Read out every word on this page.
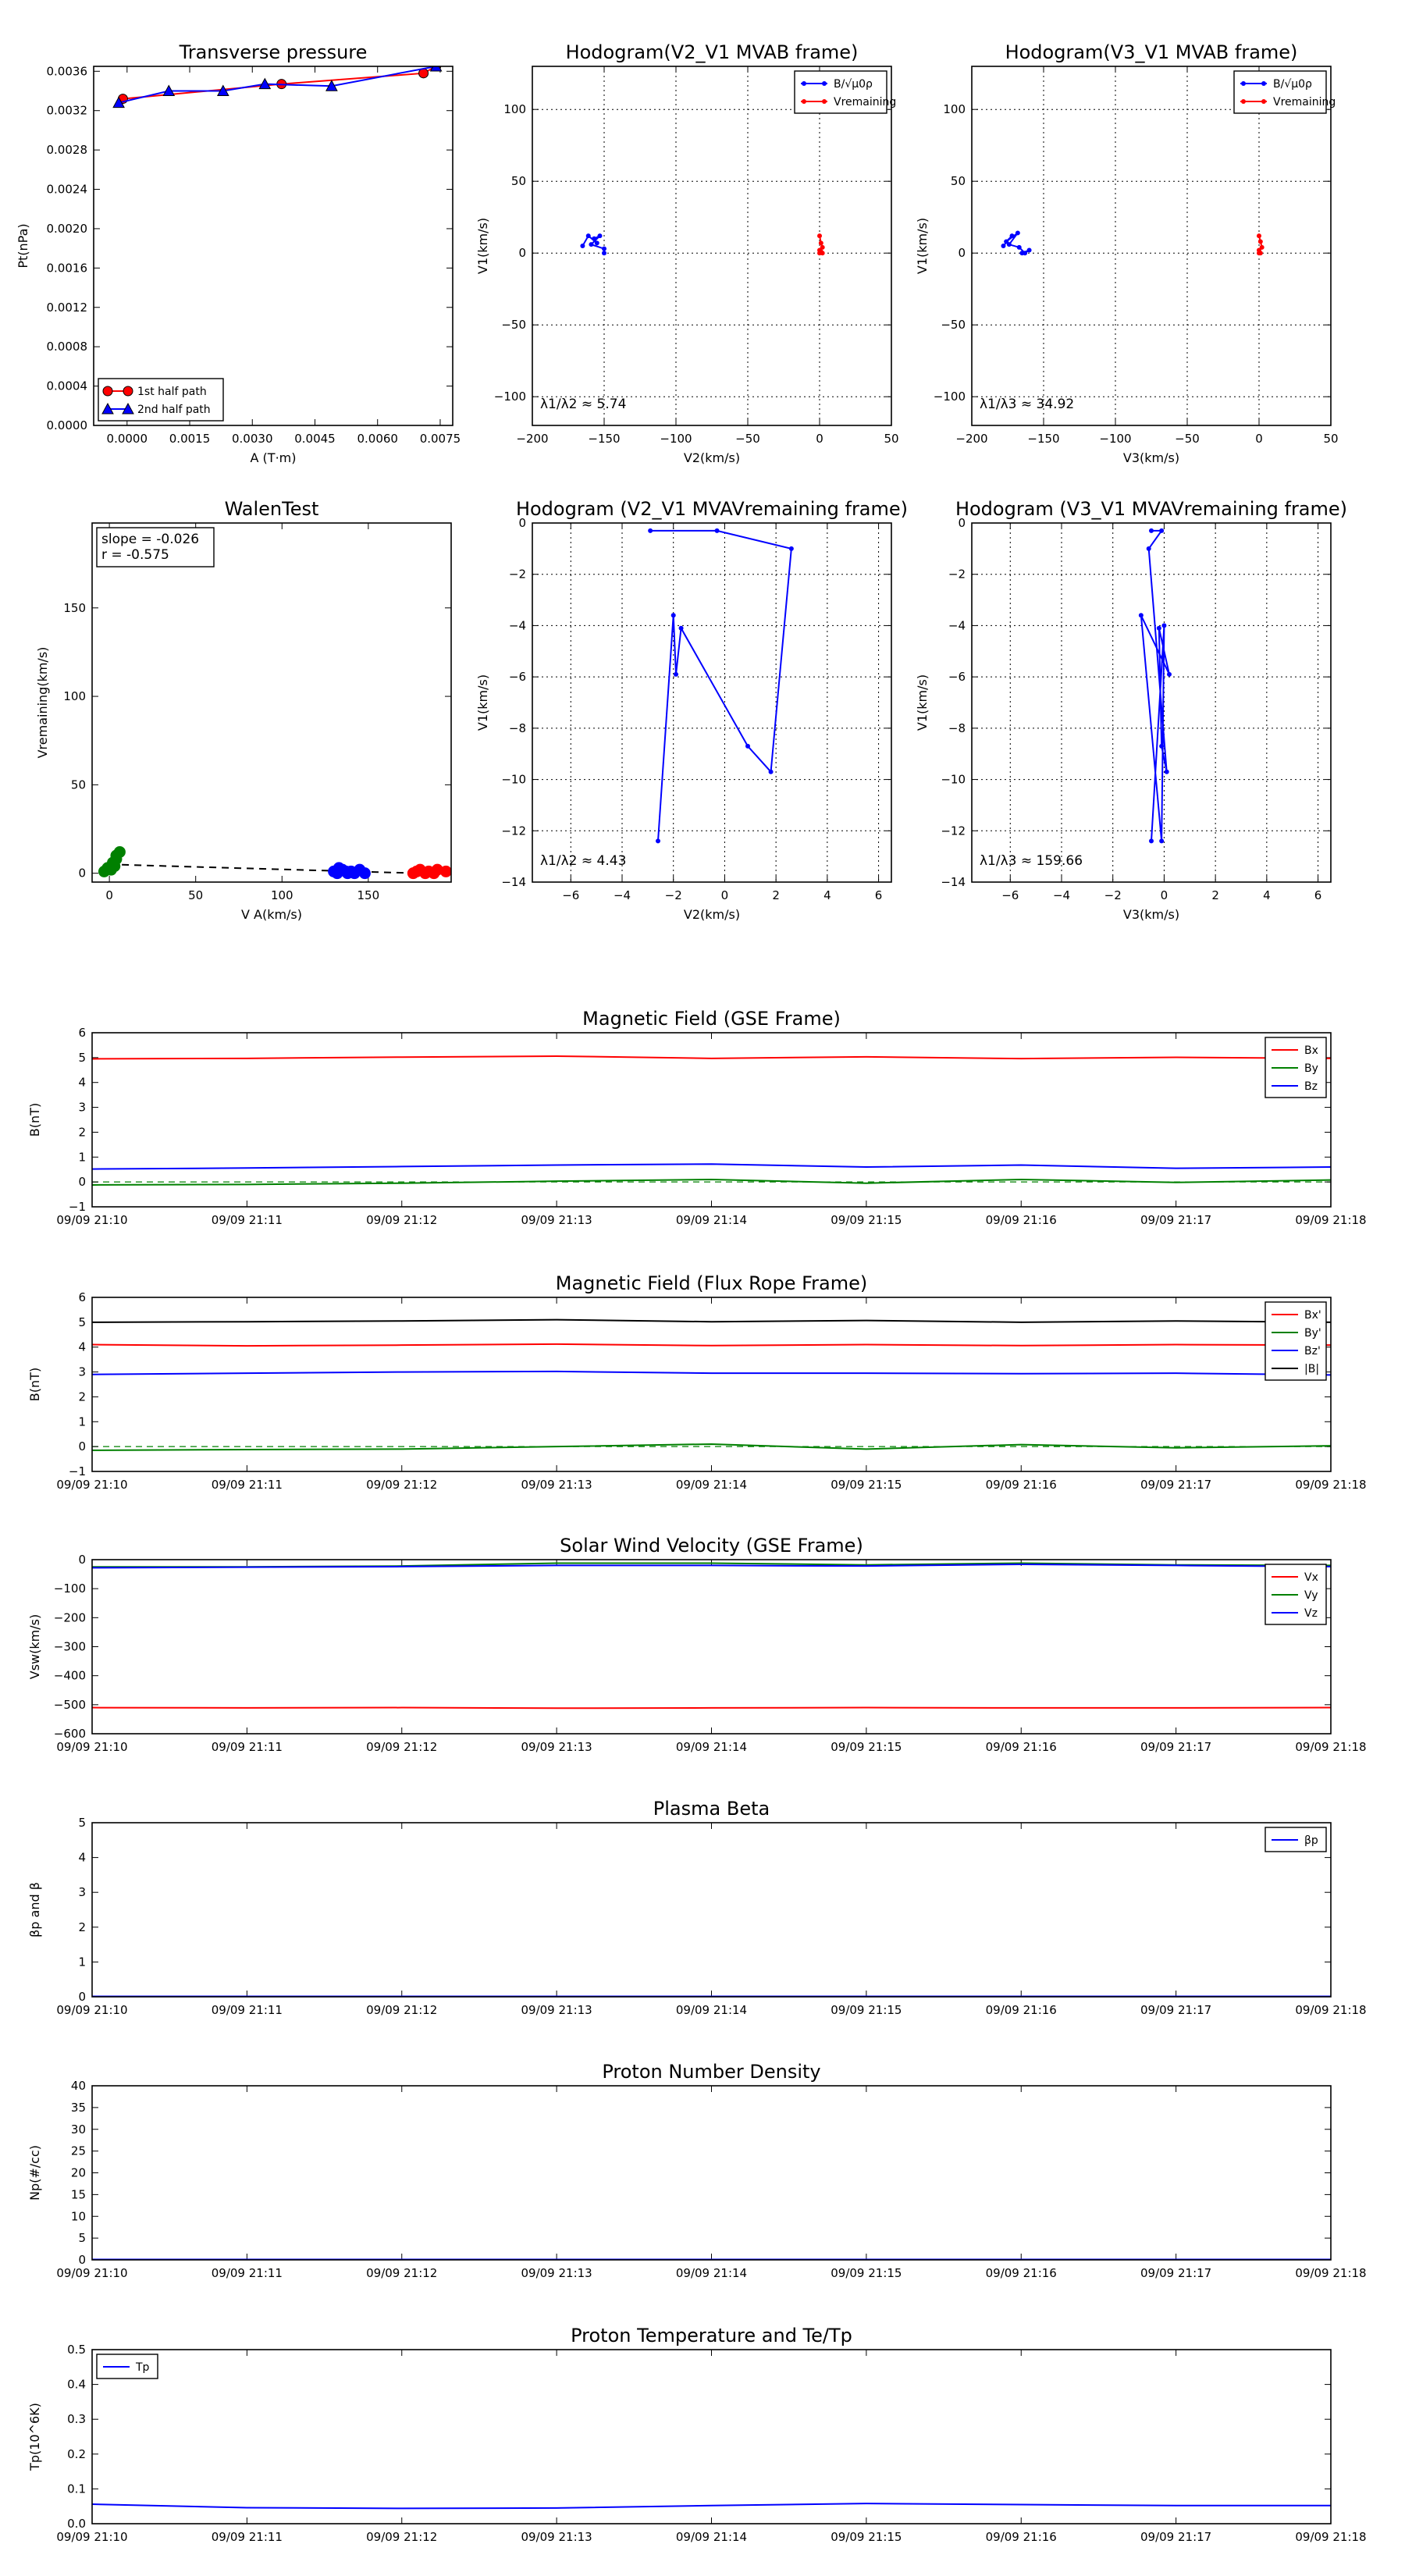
0.0000 0.0015 0.0030 0.0045 0.0060 0.0075
0.0000
0.0004
0.0008
0.0012
0.0016
0.0020
0.0024
0.0028
0.0032
0.0036
Transverse pressure
A (T·m)
Pt(nPa)
1st half path
2nd half path
−200	−150	−100	−50	0	50
−100
−50
0
50
100
Hodogram(V2_V1 MVAB frame)
V2(km/s)
V1(km/s)
λ1/λ2 ≈ 5.74
B/√μ0ρ
Vremaining
−200	−150	−100	−50	0	50
−100
−50
0
50
100
Hodogram(V3_V1 MVAB frame)
V3(km/s)
V1(km/s)
λ1/λ3 ≈ 34.92
B/√μ0ρ
Vremaining
0	50	100	150
0
50
100
150
WalenTest
V A(km/s)
Vremaining(km/s)
slope = -0.026
r = -0.575
−6	−4	−2	0	2	4	6
−14
−12
−10
−8
−6
−4
−2
0
Hodogram (V2_V1 MVAVremaining frame)
V2(km/s)
V1(km/s)
λ1/λ2 ≈ 4.43
−6	−4	−2	0	2	4	6
−14
−12
−10
−8
−6
−4
−2
0
Hodogram (V3_V1 MVAVremaining frame)
V3(km/s)
V1(km/s)
λ1/λ3 ≈ 159.66
09/09 21:10	09/09 21:11	09/09 21:12	09/09 21:13	09/09 21:14	09/09 21:15	09/09 21:16	09/09 21:17	09/09 21:18
−1
0
1
2
3
4
5
6
Magnetic Field (GSE Frame)
B(nT)
Bx
By
Bz
09/09 21:10	09/09 21:11	09/09 21:12	09/09 21:13	09/09 21:14	09/09 21:15	09/09 21:16	09/09 21:17	09/09 21:18
−1
0
1
2
3
4
5
6
Magnetic Field (Flux Rope Frame)
B(nT)
Bx'
By'
Bz'
|B|
09/09 21:10	09/09 21:11	09/09 21:12	09/09 21:13	09/09 21:14	09/09 21:15	09/09 21:16	09/09 21:17	09/09 21:18
−600
−500
−400
−300
−200
−100
0
Solar Wind Velocity (GSE Frame)
Vsw(km/s)
Vx
Vy
Vz
09/09 21:10	09/09 21:11	09/09 21:12	09/09 21:13	09/09 21:14	09/09 21:15	09/09 21:16	09/09 21:17	09/09 21:18
0
1
2
3
4
5
Plasma Beta
βp and β
βp
09/09 21:10	09/09 21:11	09/09 21:12	09/09 21:13	09/09 21:14	09/09 21:15	09/09 21:16	09/09 21:17	09/09 21:18
0
5
10
15
20
25
30
35
40
Proton Number Density
Np(#/cc)
09/09 21:10	09/09 21:11	09/09 21:12	09/09 21:13	09/09 21:14	09/09 21:15	09/09 21:16	09/09 21:17	09/09 21:18
0.0
0.1
0.2
0.3
0.4
0.5
Proton Temperature and Te/Tp
Tp(10^6K)
Tp
